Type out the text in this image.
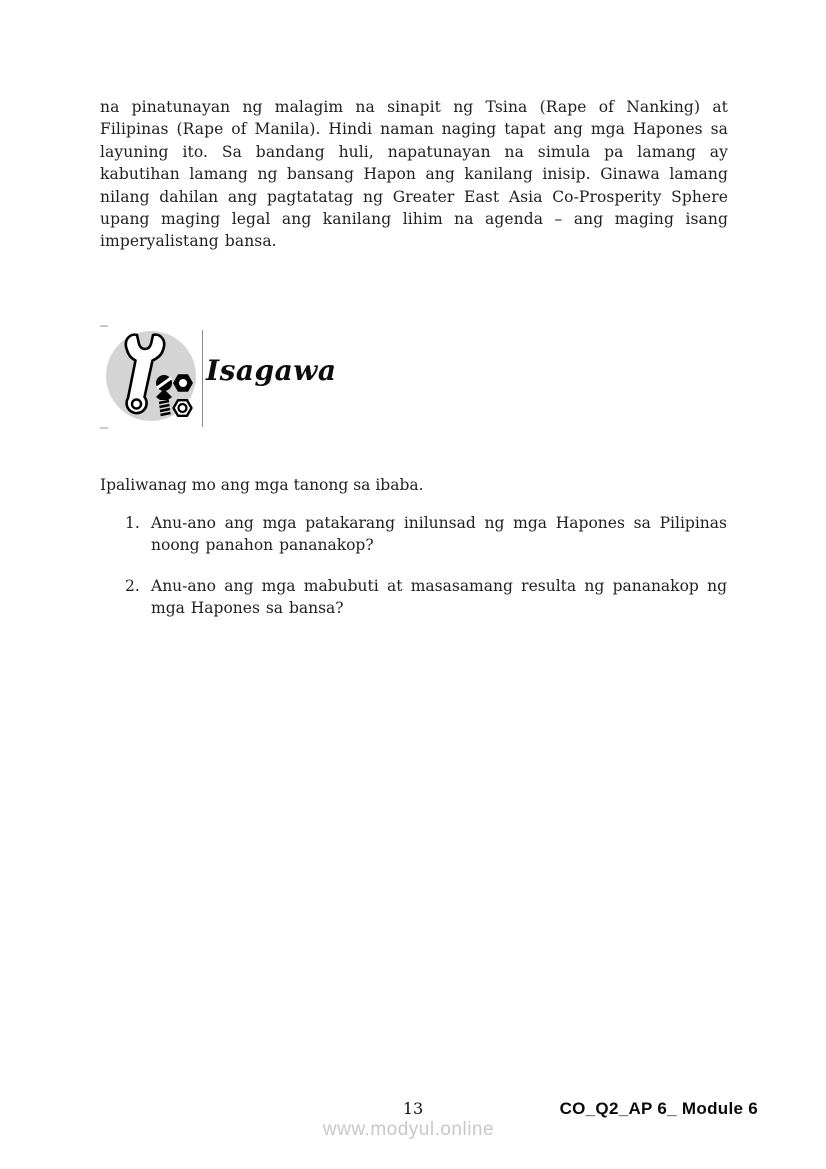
na pinatunayan ng malagim na sinapit ng Tsina (Rape of Nanking) at Filipinas (Rape of Manila). Hindi naman naging tapat ang mga Hapones sa layuning ito. Sa bandang huli, napatunayan na simula pa lamang ay kabutihan lamang ng bansang Hapon ang kanilang inisip. Ginawa lamang nilang dahilan ang pagtatatag ng Greater East Asia Co-Prosperity Sphere upang maging legal ang kanilang lihim na agenda – ang maging isang imperyalistang bansa.

Isagawa
Ipaliwanag mo ang mga tanong sa ibaba.
1. Anu-ano ang mga patakarang inilunsad ng mga Hapones sa Pilipinas noong panahon pananakop?
2. Anu-ano ang mga mabubuti at masasamang resulta ng pananakop ng mga Hapones sa bansa?
13	CO_Q2_AP 6_ Module 6
www.modyul.online
